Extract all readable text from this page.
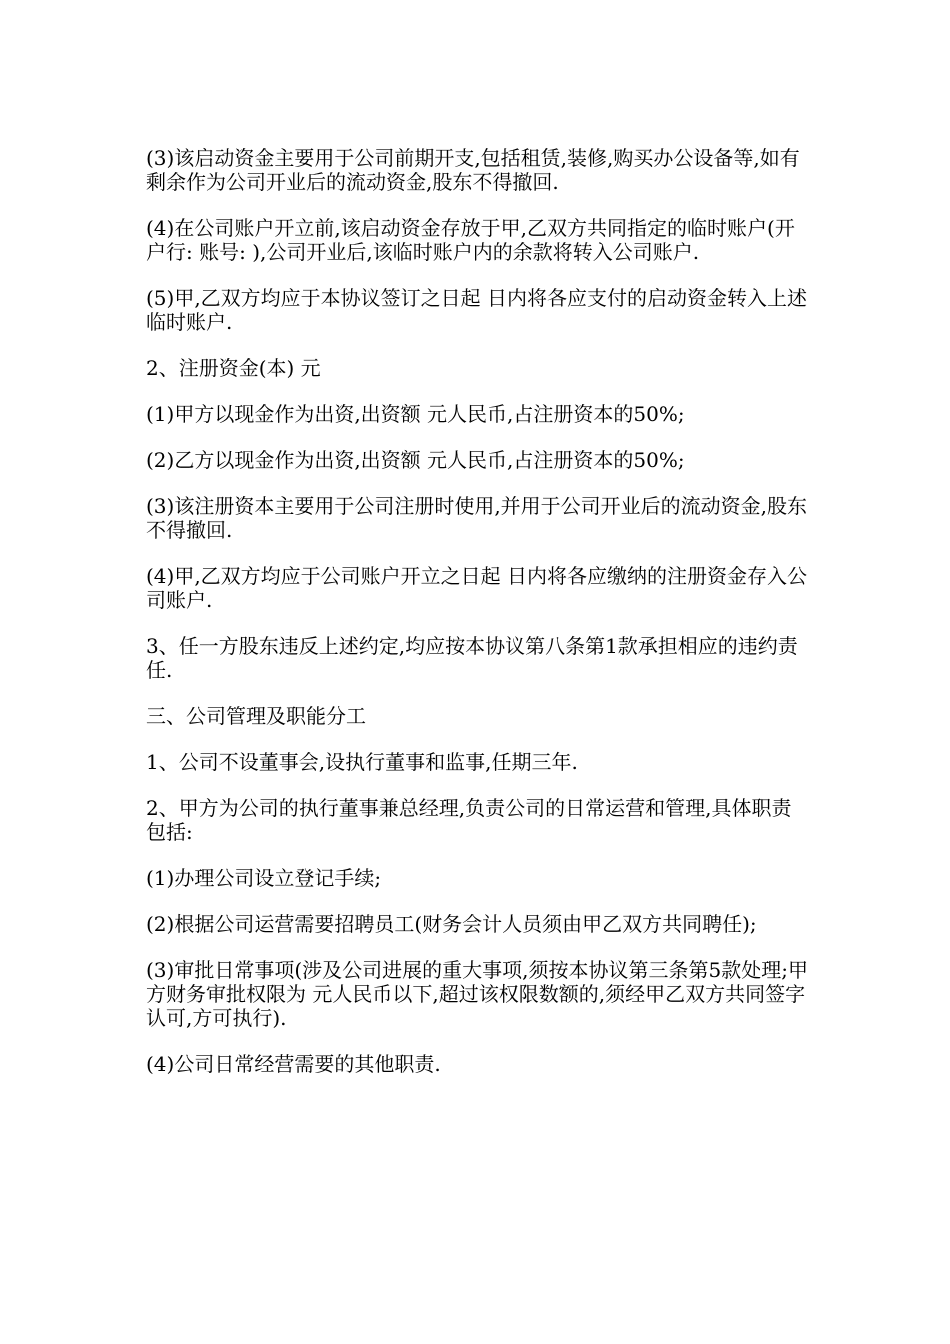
(3)该启动资金主要用于公司前期开支,包括租赁,装修,购买办公设备等,如有剩余作为公司开业后的流动资金,股东不得撤回.

(4)在公司账户开立前,该启动资金存放于甲,乙双方共同指定的临时账户(开户行: 账号: ),公司开业后,该临时账户内的余款将转入公司账户.

(5)甲,乙双方均应于本协议签订之日起 日内将各应支付的启动资金转入上述临时账户.

2、注册资金(本) 元

(1)甲方以现金作为出资,出资额 元人民币,占注册资本的50%;

(2)乙方以现金作为出资,出资额 元人民币,占注册资本的50%;

(3)该注册资本主要用于公司注册时使用,并用于公司开业后的流动资金,股东不得撤回.

(4)甲,乙双方均应于公司账户开立之日起 日内将各应缴纳的注册资金存入公司账户.

3、任一方股东违反上述约定,均应按本协议第八条第1款承担相应的违约责任.

三、公司管理及职能分工

1、公司不设董事会,设执行董事和监事,任期三年.

2、甲方为公司的执行董事兼总经理,负责公司的日常运营和管理,具体职责包括:

(1)办理公司设立登记手续;

(2)根据公司运营需要招聘员工(财务会计人员须由甲乙双方共同聘任);

(3)审批日常事项(涉及公司进展的重大事项,须按本协议第三条第5款处理;甲方财务审批权限为 元人民币以下,超过该权限数额的,须经甲乙双方共同签字认可,方可执行).

(4)公司日常经营需要的其他职责.
